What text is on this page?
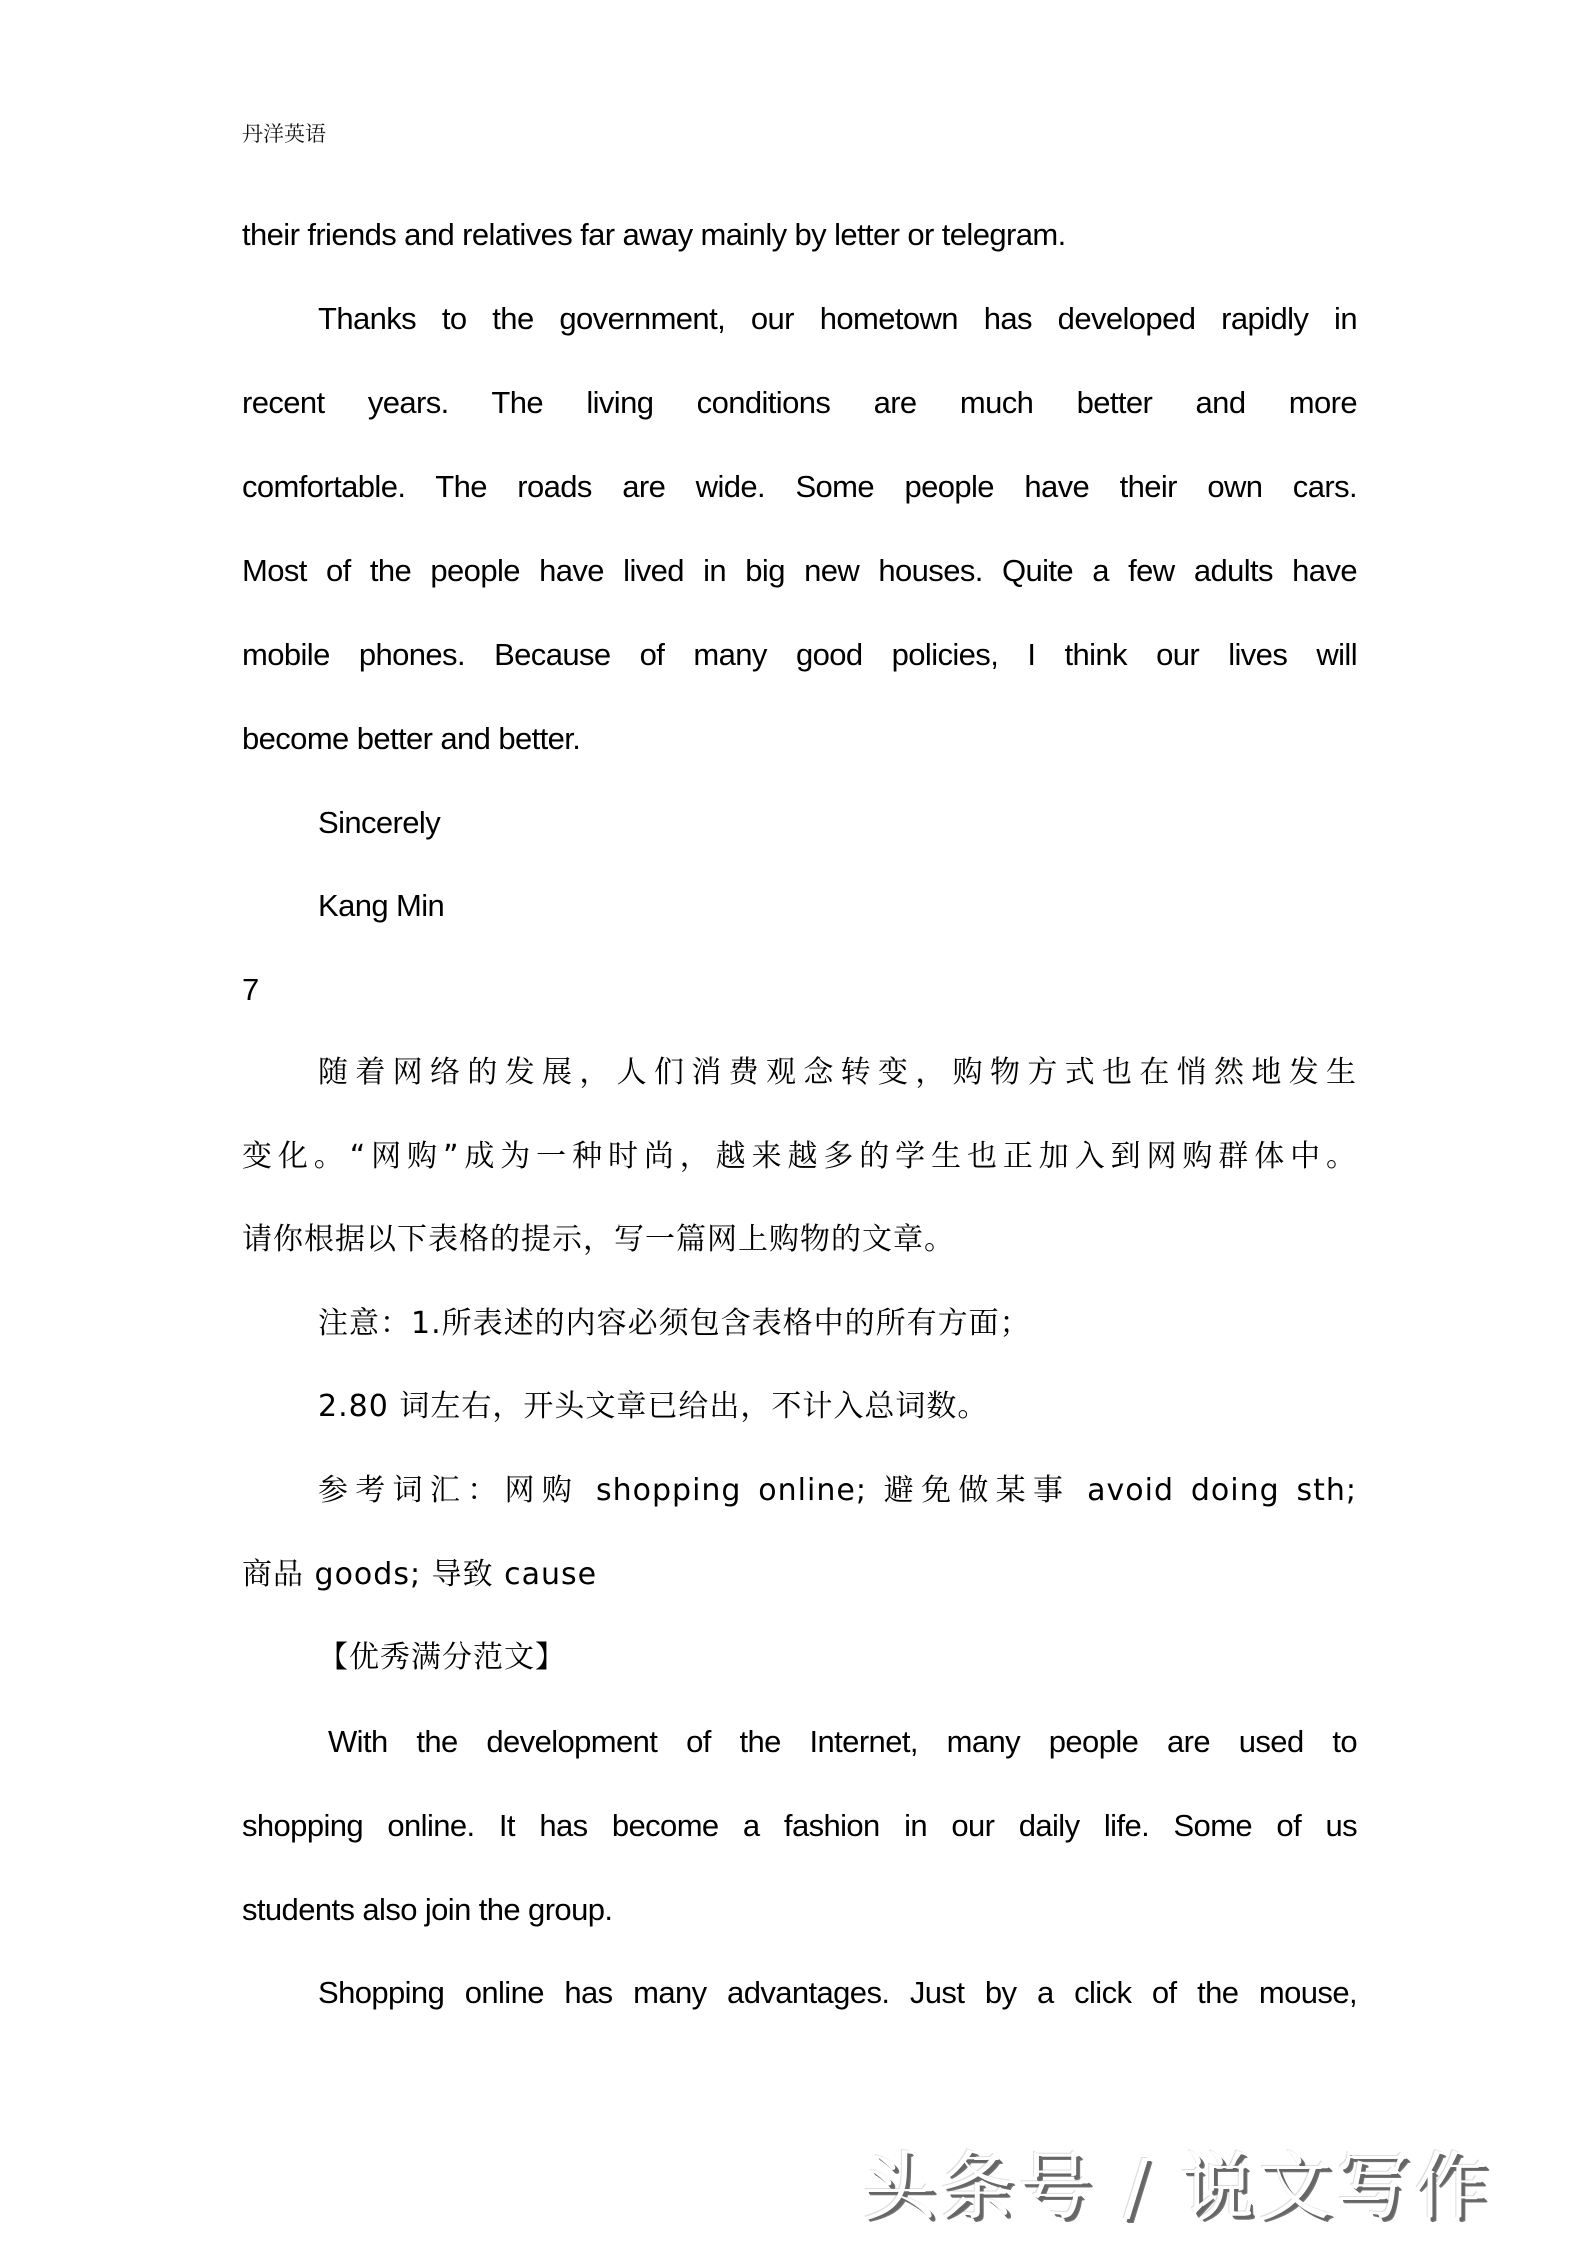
丹洋英语
their friends and relatives far away mainly by letter or telegram.
Thanks to the government, our hometown has developed rapidly in
recent years. The living conditions are much better and more
comfortable. The roads are wide. Some people have their own cars.
Most of the people have lived in big new houses. Quite a few adults have
mobile phones. Because of many good policies, I think our lives will
become better and better.
Sincerely
Kang Min
7
随着网络的发展，人们消费观念转变，购物方式也在悄然地发生
变化。“网购”成为一种时尚，越来越多的学生也正加入到网购群体中。
请你根据以下表格的提示，写一篇网上购物的文章。
注意：1.所表述的内容必须包含表格中的所有方面；
2.80 词左右，开头文章已给出，不计入总词数。
参考词汇：网购 shopping online; 避免做某事 avoid doing sth;
商品 goods; 导致 cause
【优秀满分范文】
With the development of the Internet, many people are used to
shopping online. It has become a fashion in our daily life. Some of us
students also join the group.
Shopping online has many advantages. Just by a click of the mouse,
头条号 / 说文写作
